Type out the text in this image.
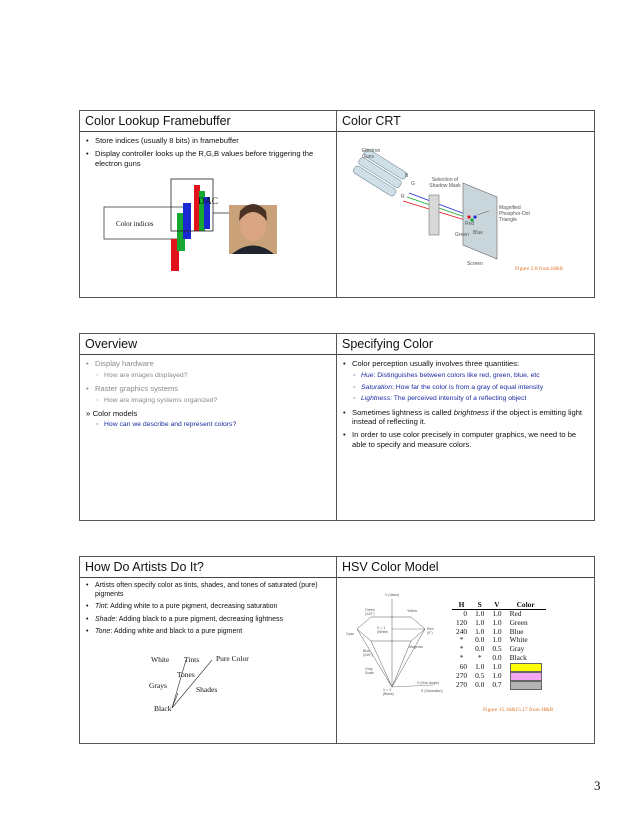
Color Lookup Framebuffer
• Store indices (usually 8 bits) in framebuffer
• Display controller looks up the R,G,B values before triggering the electron guns
DAC
Color indices
Color CRT
Electron Guns
B
G
R
Selection of Shadow Mask
Magnified Phosphor-Dot Triangle
Red
Green Blue
Screen
Figure 2.8 from H&B
Overview
• Display hardware
◦ How are images displayed?
• Raster graphics systems
◦ How are imaging systems organized?
» Color models
◦ How can we describe and represent colors?
Specifying Color
• Color perception usually involves three quantities:
◦ Hue: Distinguishes between colors like red, green, blue, etc
◦ Saturation: How far the color is from a gray of equal intensity
◦ Lightness: The perceived intensity of a reflecting object
• Sometimes lightness is called brightness if the object is emitting light instead of reflecting it.
• In order to use color precisely in computer graphics, we need to be able to specify and measure colors.
How Do Artists Do It?
• Artists often specify color as tints, shades, and tones of saturated (pure) pigments
• Tint: Adding white to a pure pigment, decreasing saturation
• Shade: Adding black to a pure pigment, decreasing lightness
• Tone: Adding white and black to a pure pigment
White Tints Pure Color
Tones
Grays	Shades
Black
HSV Color Model
V (Value)
Green (120°)
Yellow
Cyan
V = 1 (White)
Red (0°)
Blue (240°)
Magenta
Gray Scale
V = 0 (Black)
H (Hue Angle)
S (Saturation)
H	S	V	Color
0	1.0	1.0	Red
120	1.0	1.0	Green
240	1.0	1.0	Blue
*	0.0	1.0	White
*	0.0	0.5	Gray
*	*	0.0	Black
60	1.0	1.0	
270	0.5	1.0	
270	0.0	0.7	
Figure 15.16&15.17 from H&B
3
